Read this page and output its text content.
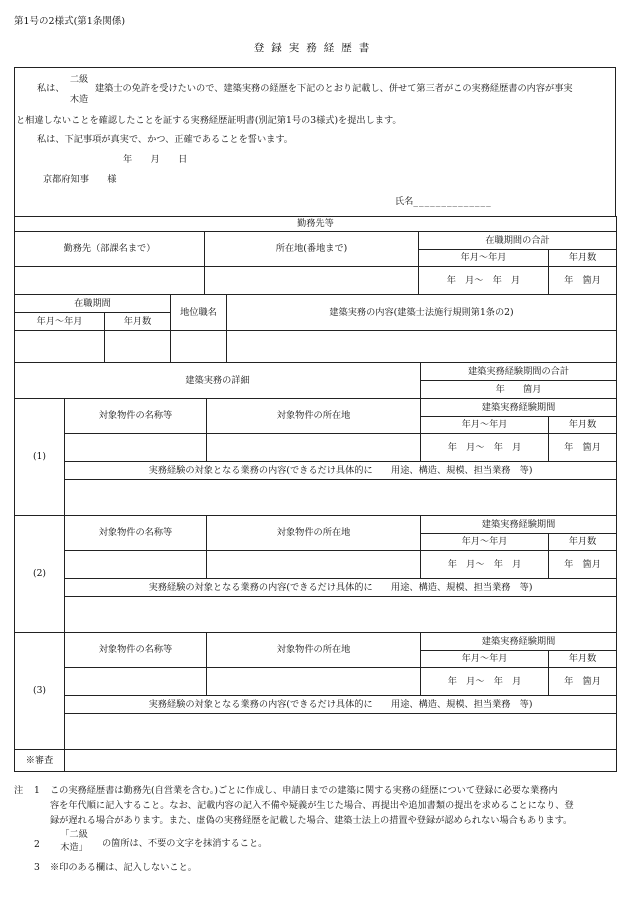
第1号の2様式(第1条関係)
登録実務経歴書
私は、
二級
木造
建築士の免許を受けたいので、建築実務の経歴を下記のとおり記載し、併せて第三者がこの実務経歴書の内容が事実
と相違しないことを確認したことを証する実務経歴証明書(別記第1号の3様式)を提出します。
私は、下記事項が真実で、かつ、正確であることを誓います。
年　　月　　日
京都府知事　　様
氏名______________
勤務先等			
勤務先（部課名まで）	所在地(番地まで)	在職期間の合計	
		年月～年月	年月数
		年　月～　年　月	年　箇月
在職期間		地位職名	建築実務の内容(建築士法施行規則第1条の2)
年月～年月	年月数		

建築実務の詳細			建築実務経験期間の合計	
			年　　箇月	
(1)	対象物件の名称等	対象物件の所在地	建築実務経験期間	
			年月～年月	年月数
			年　月～　年　月	年　箇月
	実務経験の対象となる業務の内容(できるだけ具体的に　　用途、構造、規模、担当業務　等)			

(2)	対象物件の名称等	対象物件の所在地	建築実務経験期間	
			年月～年月	年月数
			年　月～　年　月	年　箇月
	実務経験の対象となる業務の内容(できるだけ具体的に　　用途、構造、規模、担当業務　等)			

(3)	対象物件の名称等	対象物件の所在地	建築実務経験期間	
			年月～年月	年月数
			年　月～　年　月	年　箇月
	実務経験の対象となる業務の内容(できるだけ具体的に　　用途、構造、規模、担当業務　等)			

※審査				
注 1 この実務経歴書は勤務先(自営業を含む。)ごとに作成し、申請日までの建築に関する実務の経歴について登録に必要な業務内
容を年代順に記入すること。なお、記載内容の記入不備や疑義が生じた場合、再提出や追加書類の提出を求めることになり、登
録が遅れる場合があります。また、虚偽の実務経歴を記載した場合、建築士法上の措置や登録が認められない場合もあります。
2
「二級
木造」	の箇所は、不要の文字を抹消すること。
3 ※印のある欄は、記入しないこと。
